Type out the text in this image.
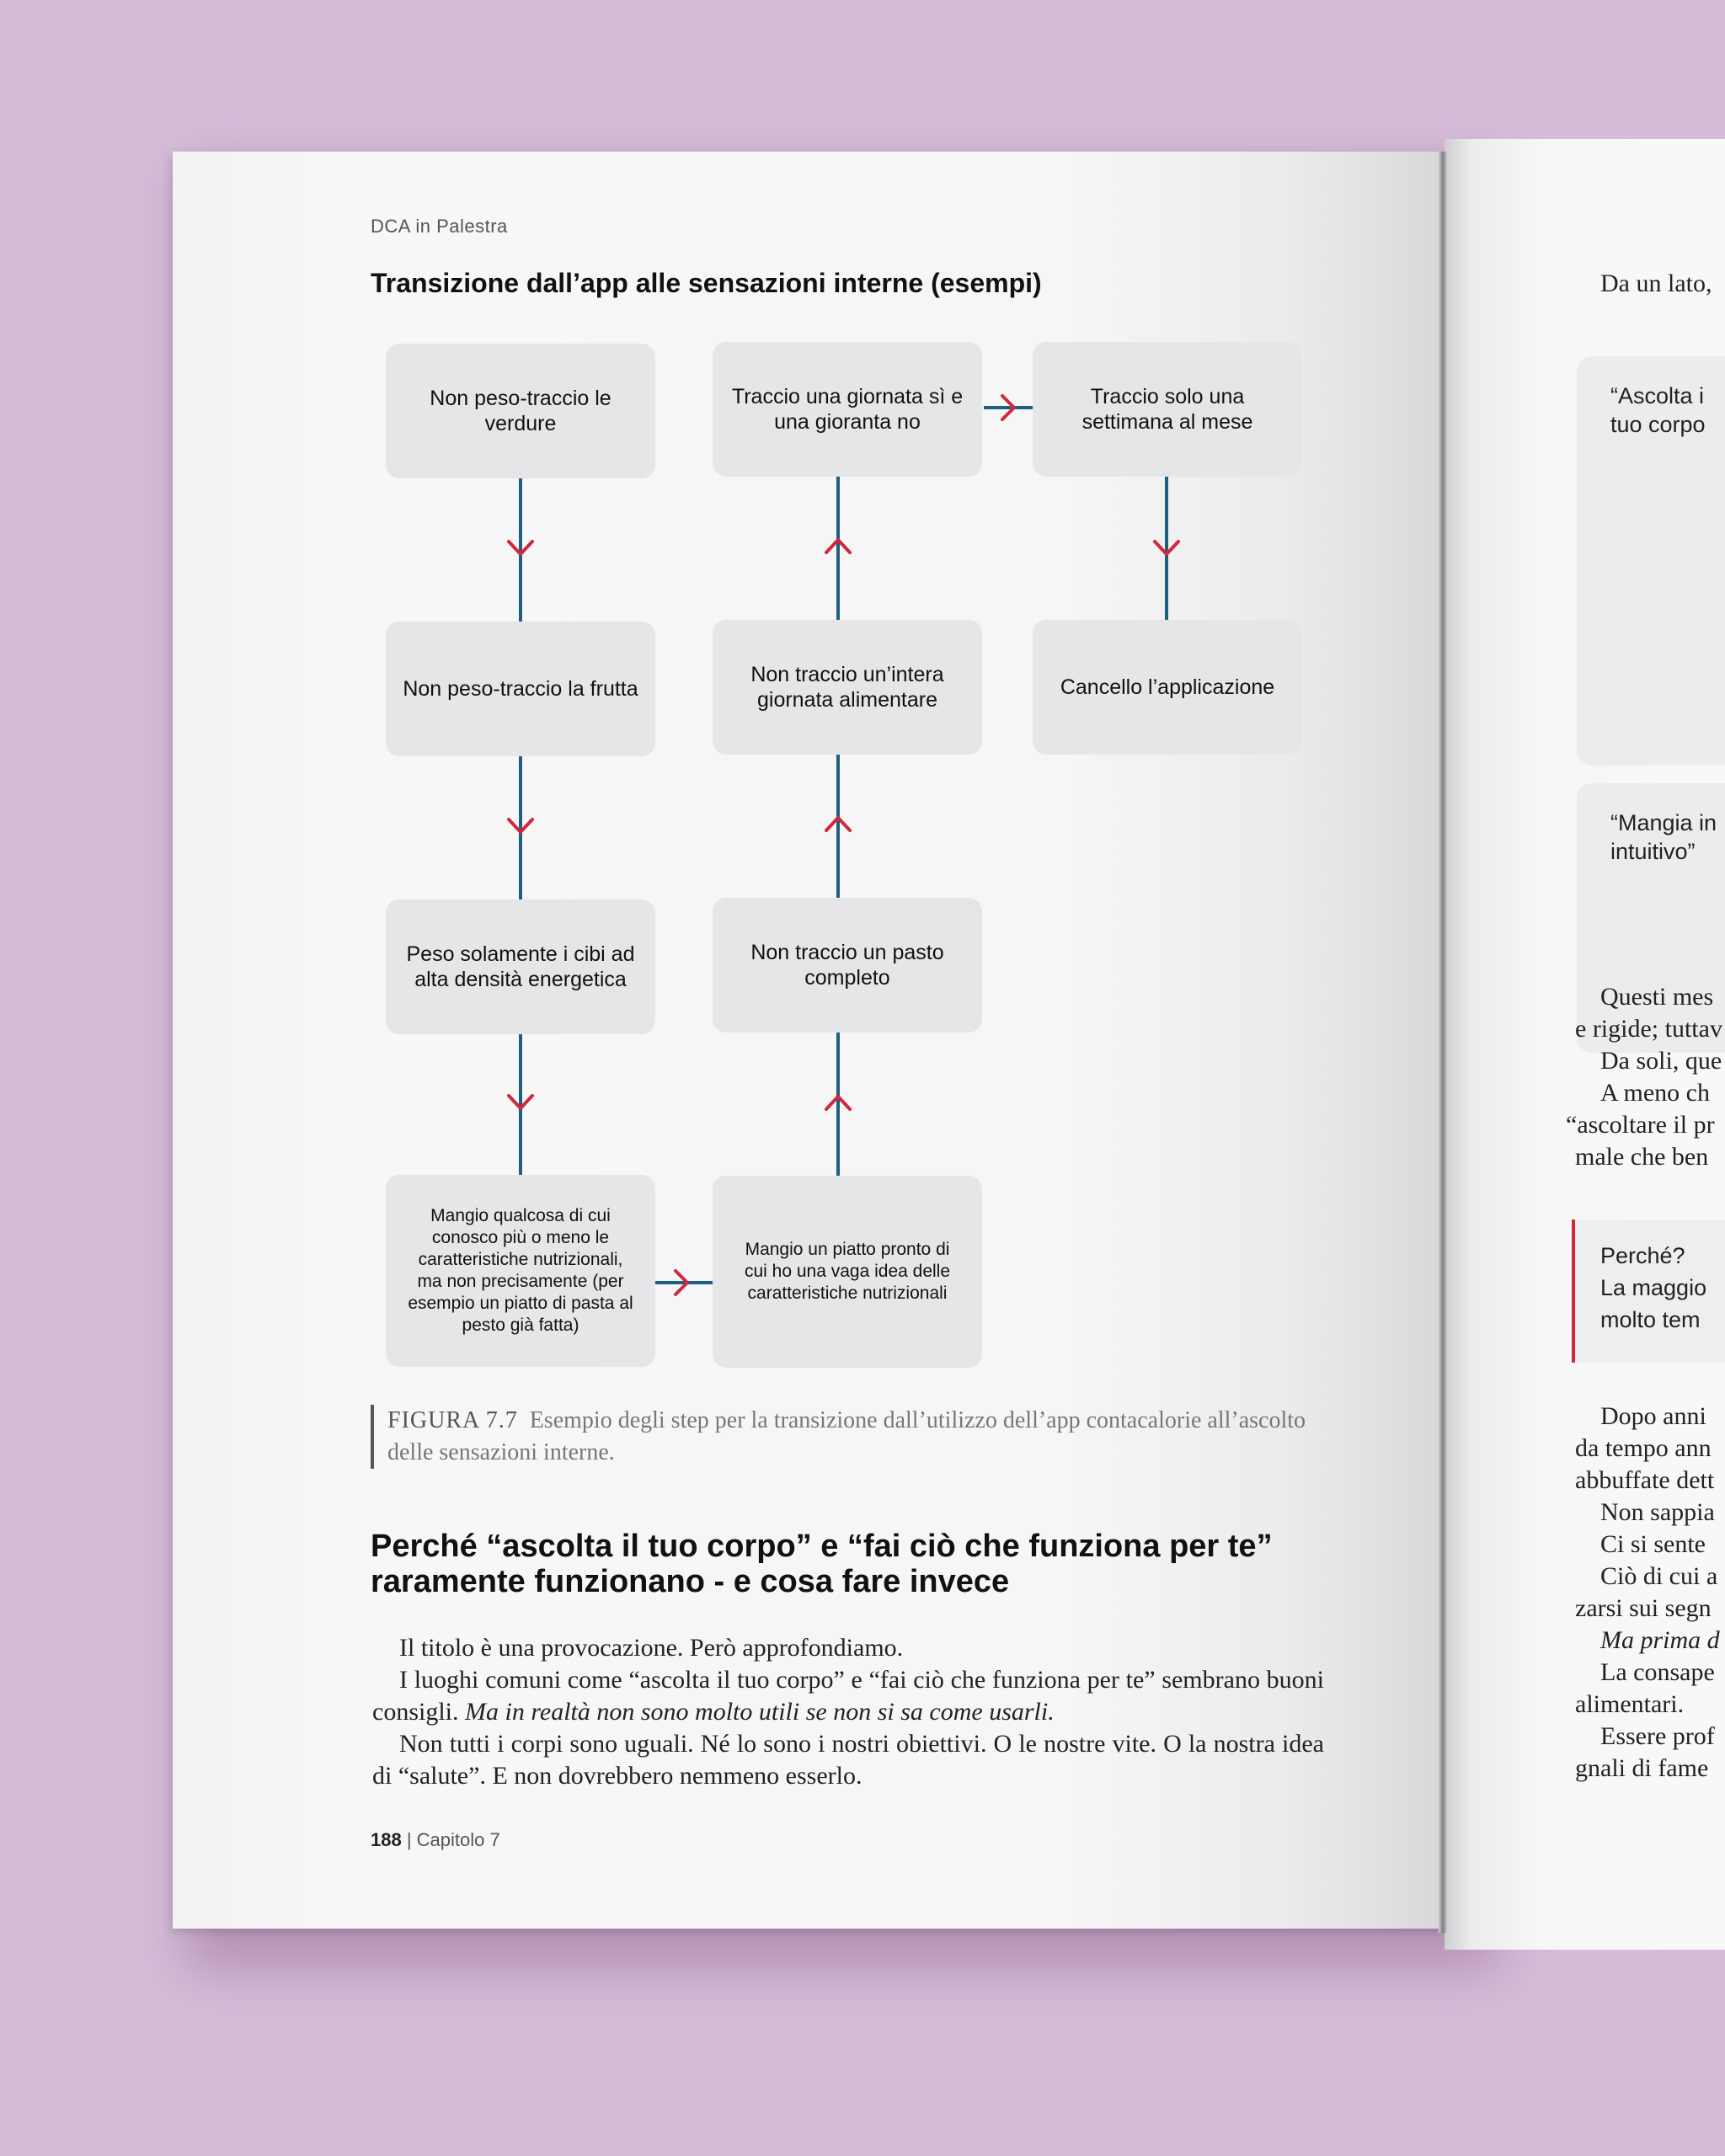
DCA in Palestra
Transizione dall’app alle sensazioni interne (esempi)
Non peso-traccio le verdure
Non peso-traccio la frutta
Peso solamente i cibi ad alta densità energetica
Mangio qualcosa di cui conosco più o meno le caratteristiche nutrizionali, ma non precisamente (per esempio un piatto di pasta al pesto già fatta)
Traccio una giornata sì e una gioranta no
Non traccio un’intera giornata alimentare
Non traccio un pasto completo
Mangio un piatto pronto di cui ho una vaga idea delle caratteristiche nutrizionali
Traccio solo una settimana al mese
Cancello l’applicazione
FIGURA 7.7 Esempio degli step per la transizione dall’utilizzo dell’app contacalorie all’ascolto delle sensazioni interne.
Perché “ascolta il tuo corpo” e “fai ciò che funziona per te” raramente funzionano - e cosa fare invece

Il titolo è una provocazione. Però approfondiamo.

I luoghi comuni come “ascolta il tuo corpo” e “fai ciò che funziona per te” sembrano buoni consigli. Ma in realtà non sono molto utili se non si sa come usarli.

Non tutti i corpi sono uguali. Né lo sono i nostri obiettivi. O le nostre vite. O la nostra idea di “salute”. E non dovrebbero nemmeno esserlo.

188 | Capitolo 7
Da un lato,
“Ascolta i
tuo corpo
“Mangia in
intuitivo”
Questi mes
e rigide; tuttav
Da soli, que
A meno ch
“ascoltare il pr
male che ben
Perché?
La maggio
molto tem
Dopo anni
da tempo ann
abbuffate dett
Non sappia
Ci si sente
Ciò di cui a
zarsi sui segn
Ma prima d
La consape
alimentari.
Essere prof
gnali di fame
